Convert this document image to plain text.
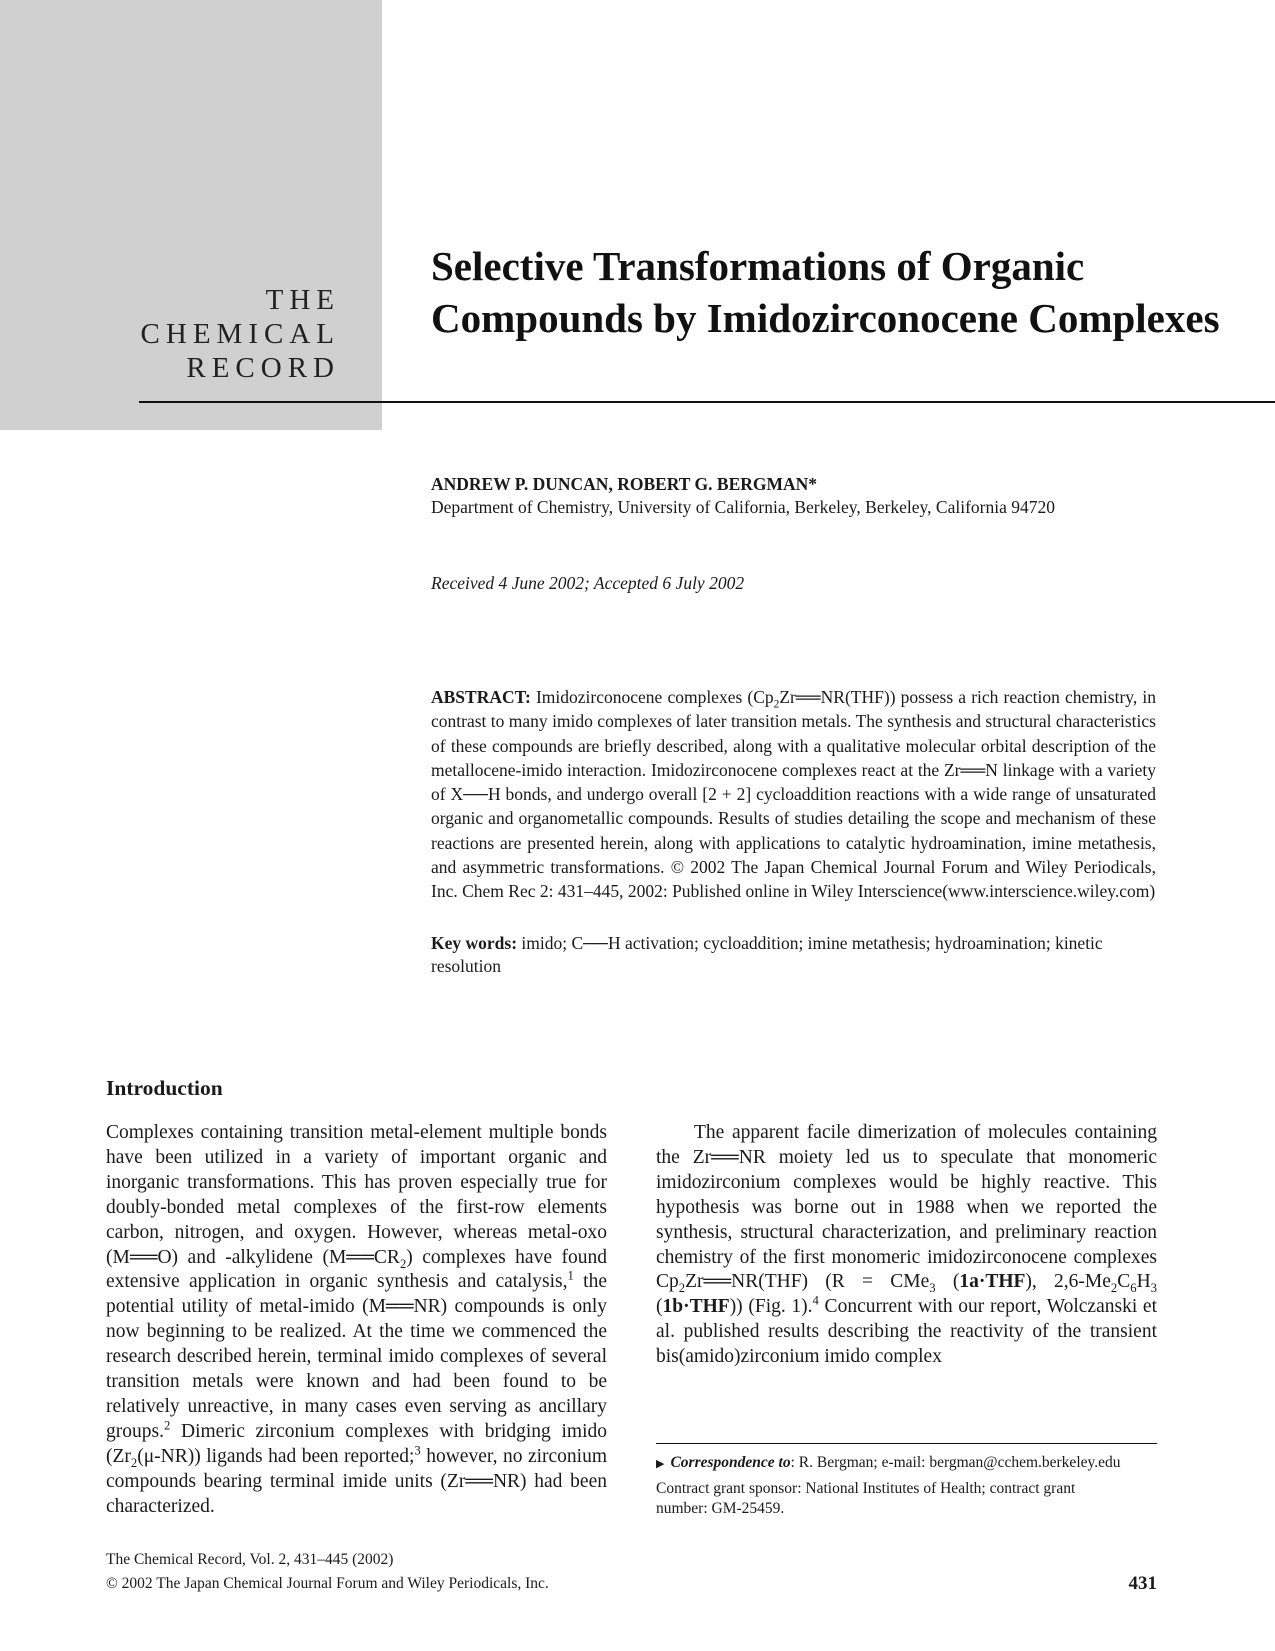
THE
CHEMICAL
RECORD
Selective Transformations of Organic Compounds by Imidozirconocene Complexes
ANDREW P. DUNCAN, ROBERT G. BERGMAN*
Department of Chemistry, University of California, Berkeley, Berkeley, California 94720
Received 4 June 2002; Accepted 6 July 2002

ABSTRACT: Imidozirconocene complexes $(Cp_2Zr══NR(THF))$ possess a rich reaction chemistry, in contrast to many imido complexes of later transition metals. The synthesis and structural characteristics of these compounds are briefly described, along with a qualitative molecular orbital description of the metallocene-imido interaction. Imidozirconocene complexes react at the Zr══N linkage with a variety of X──H bonds, and undergo overall [2 + 2] cycloaddition reactions with a wide range of unsaturated organic and organometallic compounds. Results of studies detailing the scope and mechanism of these reactions are presented herein, along with applications to catalytic hydroamination, imine metathesis, and asymmetric transformations. © 2002 The Japan Chemical Journal Forum and Wiley Periodicals, Inc. Chem Rec 2: 431–445, 2002: Published online in Wiley Interscience(www.interscience.wiley.com)

Key words: imido; C──H activation; cycloaddition; imine metathesis; hydroamination; kinetic resolution

Introduction

Complexes containing transition metal-element multiple bonds have been utilized in a variety of important organic and inorganic transformations. This has proven especially true for doubly-bonded metal complexes of the first-row elements carbon, nitrogen, and oxygen. However, whereas metal-oxo (M══O) and -alkylidene $(M══CR_2)$ complexes have found extensive application in organic synthesis and catalysis,$^1$ the potential utility of metal-imido (M══NR) compounds is only now beginning to be realized. At the time we commenced the research described herein, terminal imido complexes of several transition metals were known and had been found to be relatively unreactive, in many cases even serving as ancillary groups.$^2$ Dimeric zirconium complexes with bridging imido $(Zr_2(\mu-NR))$ ligands had been reported;$^3$ however, no zirconium compounds bearing terminal imide units (Zr══NR) had been characterized.

The apparent facile dimerization of molecules containing the Zr══NR moiety led us to speculate that monomeric imidozirconium complexes would be highly reactive. This hypothesis was borne out in 1988 when we reported the synthesis, structural characterization, and preliminary reaction chemistry of the first monomeric imidozirconocene complexes $Cp_2Zr══NR(THF) (R = CMe_3$ (1a·THF), $2,6-Me_2C_6H_3$ (1b·THF)) (Fig. 1).$^4$ Concurrent with our report, Wolczanski et al. published results describing the reactivity of the transient bis(amido)zirconium imido complex

▶ Correspondence to: R. Bergman; e-mail: bergman@cchem.berkeley.edu
Contract grant sponsor: National Institutes of Health; contract grant number: GM-25459.
The Chemical Record, Vol. 2, 431–445 (2002)
© 2002 The Japan Chemical Journal Forum and Wiley Periodicals, Inc.	431
